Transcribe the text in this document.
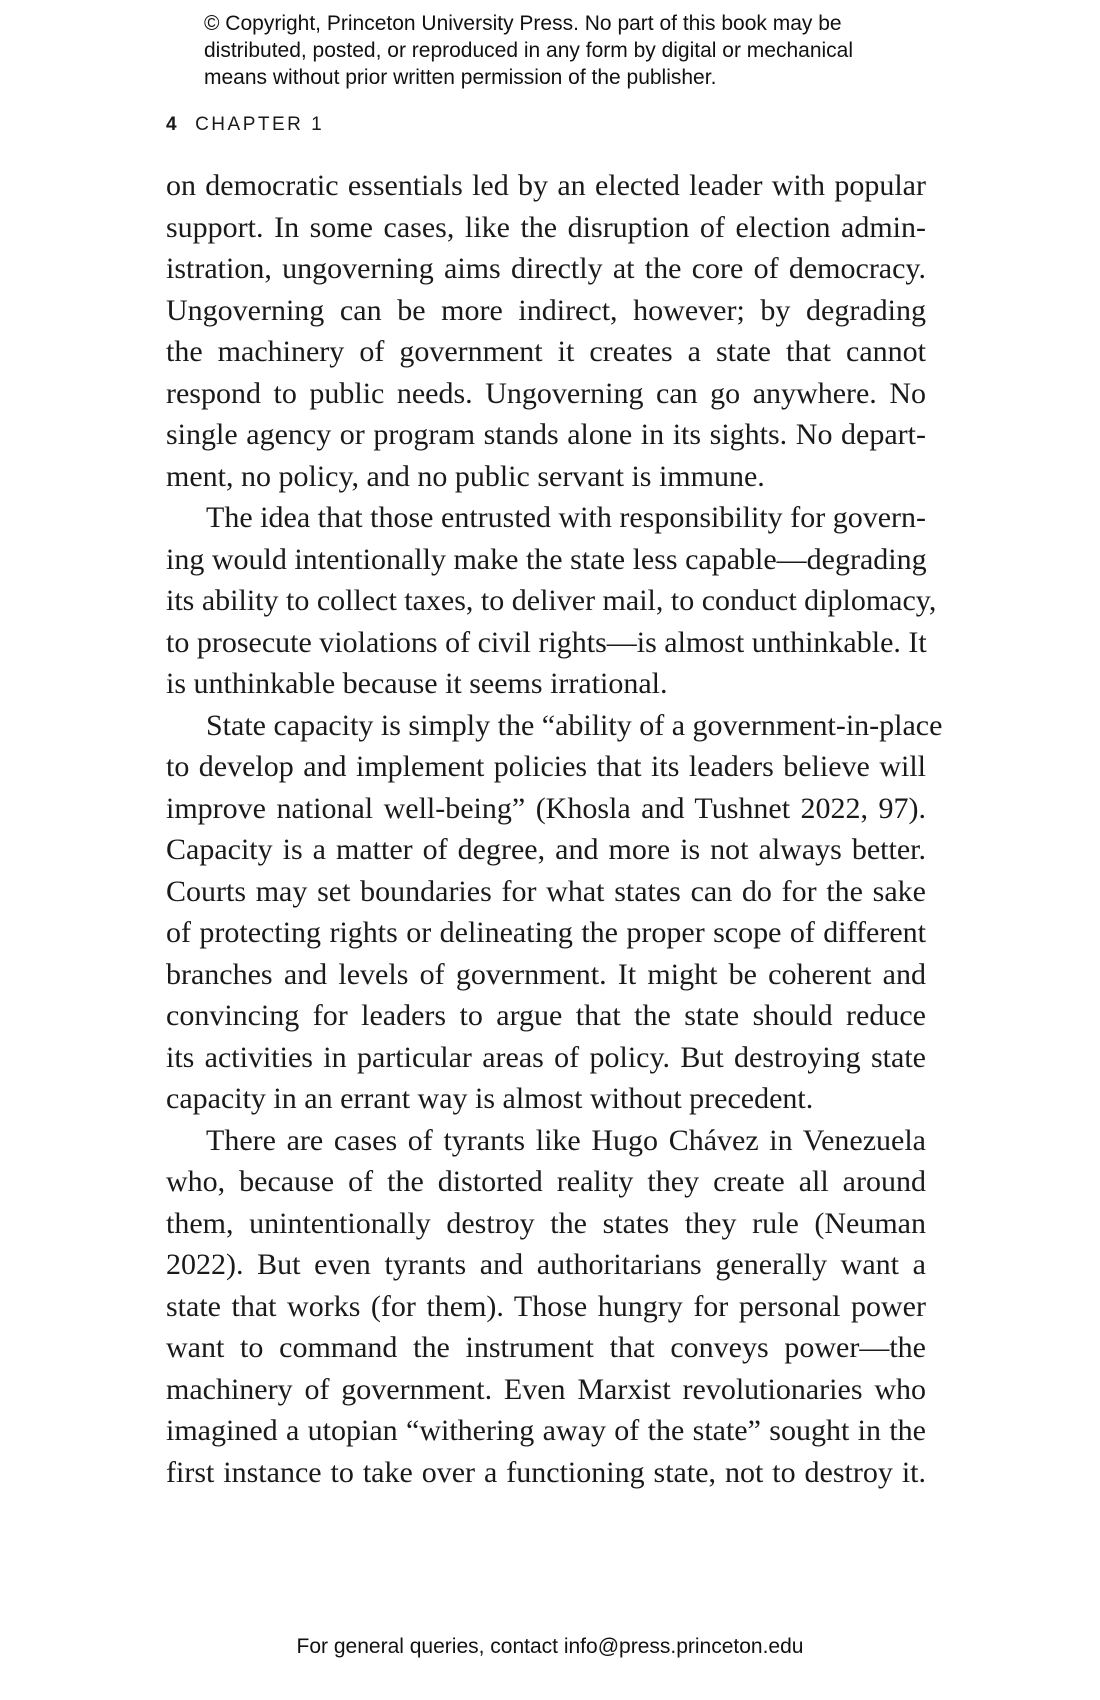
© Copyright, Princeton University Press. No part of this book may be
distributed, posted, or reproduced in any form by digital or mechanical
means without prior written permission of the publisher.
4 CHAPTER 1
on democratic essentials led by an elected leader with popular
support. In some cases, like the disruption of election admin-
istration, ungoverning aims directly at the core of democracy.
Ungoverning can be more indirect, however; by degrading
the machinery of government it creates a state that cannot
respond to public needs. Ungoverning can go anywhere. No
single agency or program stands alone in its sights. No depart-
ment, no policy, and no public servant is immune.
The idea that those entrusted with responsibility for govern-
ing would intentionally make the state less capable—degrading
its ability to collect taxes, to deliver mail, to conduct diplomacy,
to prosecute violations of civil rights—is almost unthinkable. It
is unthinkable because it seems irrational.
State capacity is simply the “ability of a government-in-place
to develop and implement policies that its leaders believe will
improve national well-being” (Khosla and Tushnet 2022, 97).
Capacity is a matter of degree, and more is not always better.
Courts may set boundaries for what states can do for the sake
of protecting rights or delineating the proper scope of different
branches and levels of government. It might be coherent and
convincing for leaders to argue that the state should reduce
its activities in particular areas of policy. But destroying state
capacity in an errant way is almost without precedent.
There are cases of tyrants like Hugo Chávez in Venezuela
who, because of the distorted reality they create all around
them, unintentionally destroy the states they rule (Neuman
2022). But even tyrants and authoritarians generally want a
state that works (for them). Those hungry for personal power
want to command the instrument that conveys power—the
machinery of government. Even Marxist revolutionaries who
imagined a utopian “withering away of the state” sought in the
first instance to take over a functioning state, not to destroy it.
For general queries, contact info@press.princeton.edu
